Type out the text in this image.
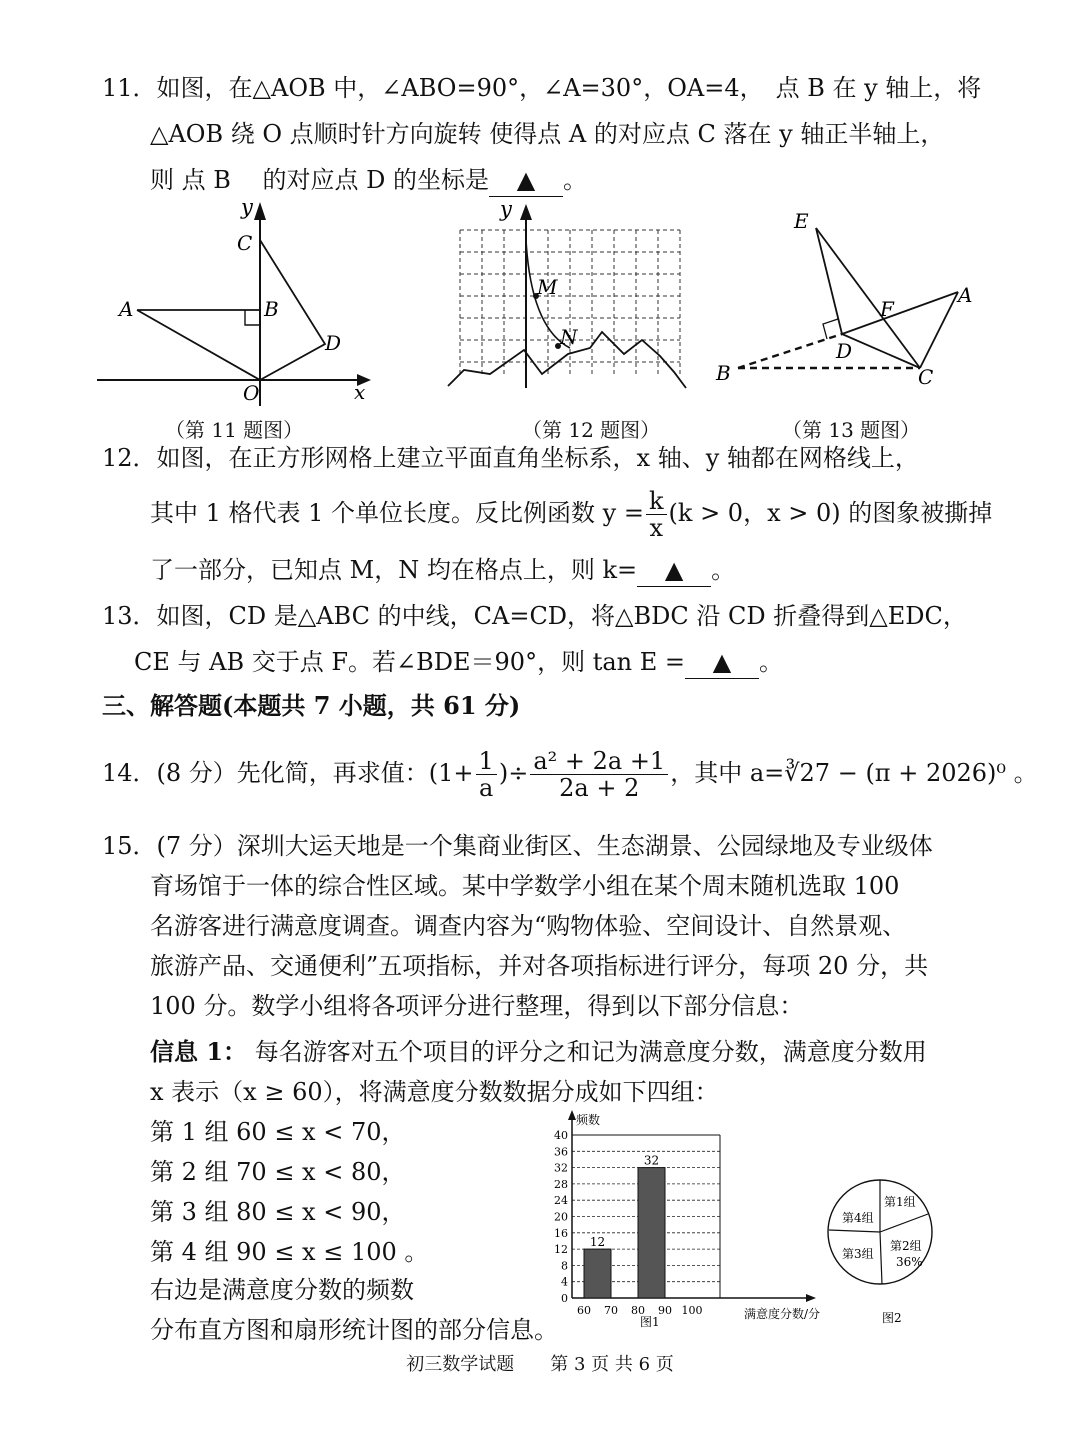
11．如图，在△AOB 中，∠ABO=90°，∠A=30°，OA=4，　点 B 在 y 轴上，将
△AOB 绕 O 点顺时针方向旋转 使得点 A 的对应点 C 落在 y 轴正半轴上，
则 点 B　 的对应点 D 的坐标是 ▲ 。
y
C
A	B
D
O	x
（第 11 题图）
y
M
N
（第 12 题图）
E
F
A
D
B	C
（第 13 题图）
12．如图，在正方形网格上建立平面直角坐标系，x 轴、y 轴都在网格线上，
其中 1 格代表 1 个单位长度。反比例函数 $y = \frac{k}{x} (k > 0$，x > 0) 的图象被撕掉
了一部分，已知点 M，N 均在格点上，则 k= ▲ 。
13．如图，CD 是△ABC 的中线，CA=CD，将△BDC 沿 CD 折叠得到△EDC，
CE 与 AB 交于点 F。若∠BDE＝90°，则 tan E = ▲ 。
三、解答题(本题共 7 小题，共 61 分)
14．(8 分）先化简，再求值：($1+ \frac{1}{a}$ )÷ $\frac{\text{a² + 2a +1}}{2a + 2}$ ，其中 a=∛27 − (π + 2026)⁰ 。
15．(7 分）深圳大运天地是一个集商业街区、生态湖景、公园绿地及专业级体
育场馆于一体的综合性区域。某中学数学小组在某个周末随机选取 100
名游客进行满意度调查。调查内容为“购物体验、空间设计、自然景观、
旅游产品、交通便利”五项指标，并对各项指标进行评分，每项 20 分，共
100 分。数学小组将各项评分进行整理，得到以下部分信息：
信息 1： 每名游客对五个项目的评分之和记为满意度分数，满意度分数用
x 表示（x ≥ 60），将满意度分数数据分成如下四组：
第 1 组 60 ≤ x < 70，
第 2 组 70 ≤ x < 80，
第 3 组 80 ≤ x < 90，
第 4 组 90 ≤ x ≤ 100 。
右边是满意度分数的频数
分布直方图和扇形统计图的部分信息。
0
4
8
12
16
20
24
28
32
36
40
60 70 80 90 100
12
32
频数
满意度分数/分
图1
第1组
第2组
36%
第3组
第4组
图2
初三数学试题　　第 3 页 共 6 页
